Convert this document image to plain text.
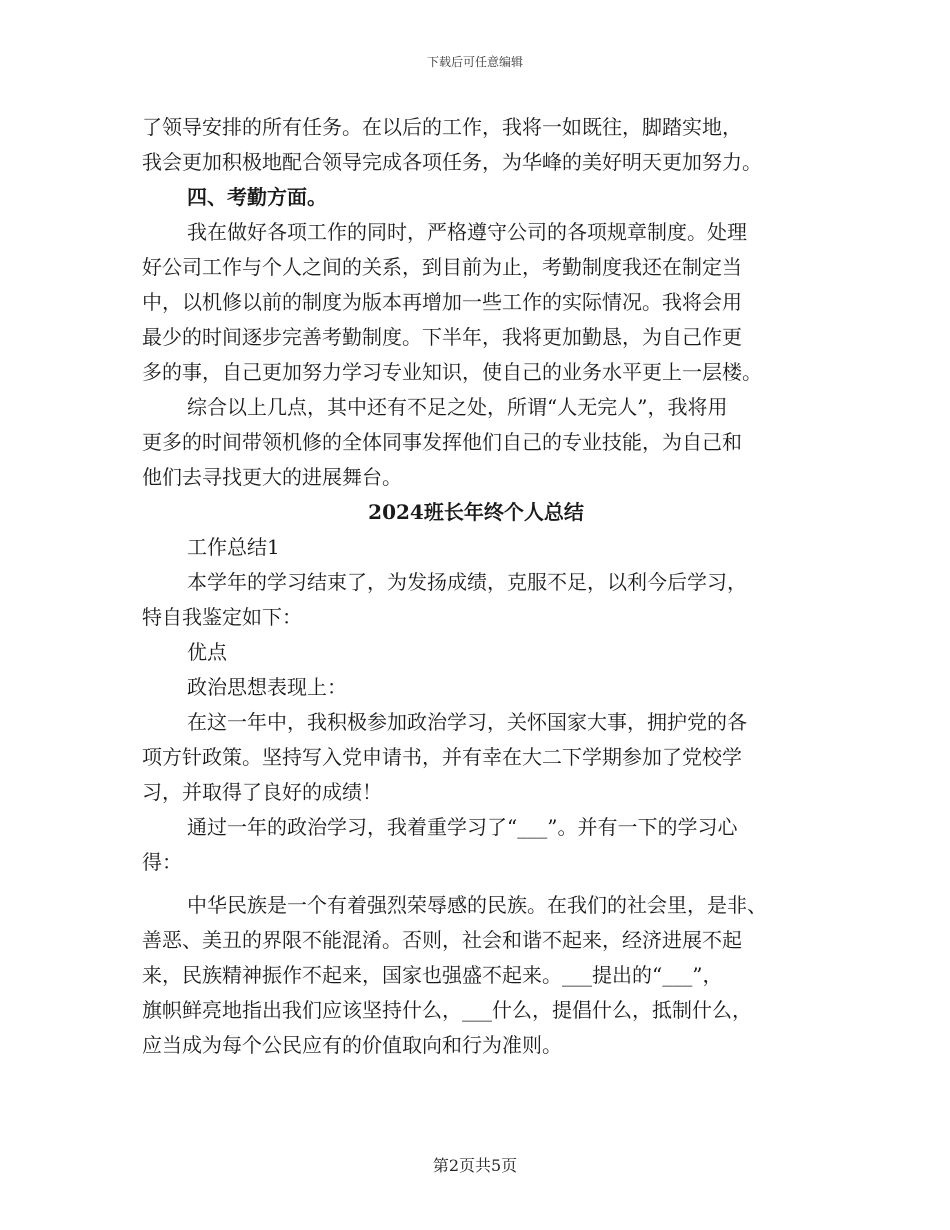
下载后可任意编辑
了领导安排的所有任务。在以后的工作，我将一如既往，脚踏实地，
我会更加积极地配合领导完成各项任务，为华峰的美好明天更加努力。
四、考勤方面。
我在做好各项工作的同时，严格遵守公司的各项规章制度。处理
好公司工作与个人之间的关系，到目前为止，考勤制度我还在制定当
中，以机修以前的制度为版本再增加一些工作的实际情况。我将会用
最少的时间逐步完善考勤制度。下半年，我将更加勤恳，为自己作更
多的事，自己更加努力学习专业知识，使自己的业务水平更上一层楼。
综合以上几点，其中还有不足之处，所谓“人无完人”，我将用
更多的时间带领机修的全体同事发挥他们自己的专业技能，为自己和
他们去寻找更大的进展舞台。
2024班长年终个人总结
工作总结1
本学年的学习结束了，为发扬成绩，克服不足，以利今后学习，
特自我鉴定如下：
优点
政治思想表现上：
在这一年中，我积极参加政治学习，关怀国家大事，拥护党的各
项方针政策。坚持写入党申请书，并有幸在大二下学期参加了党校学
习，并取得了良好的成绩！
通过一年的政治学习，我着重学习了“___”。并有一下的学习心
得：
中华民族是一个有着强烈荣辱感的民族。在我们的社会里，是非、
善恶、美丑的界限不能混淆。否则，社会和谐不起来，经济进展不起
来，民族精神振作不起来，国家也强盛不起来。___提出的“___”，
旗帜鲜亮地指出我们应该坚持什么，___什么，提倡什么，抵制什么，
应当成为每个公民应有的价值取向和行为准则。
第2页共5页
